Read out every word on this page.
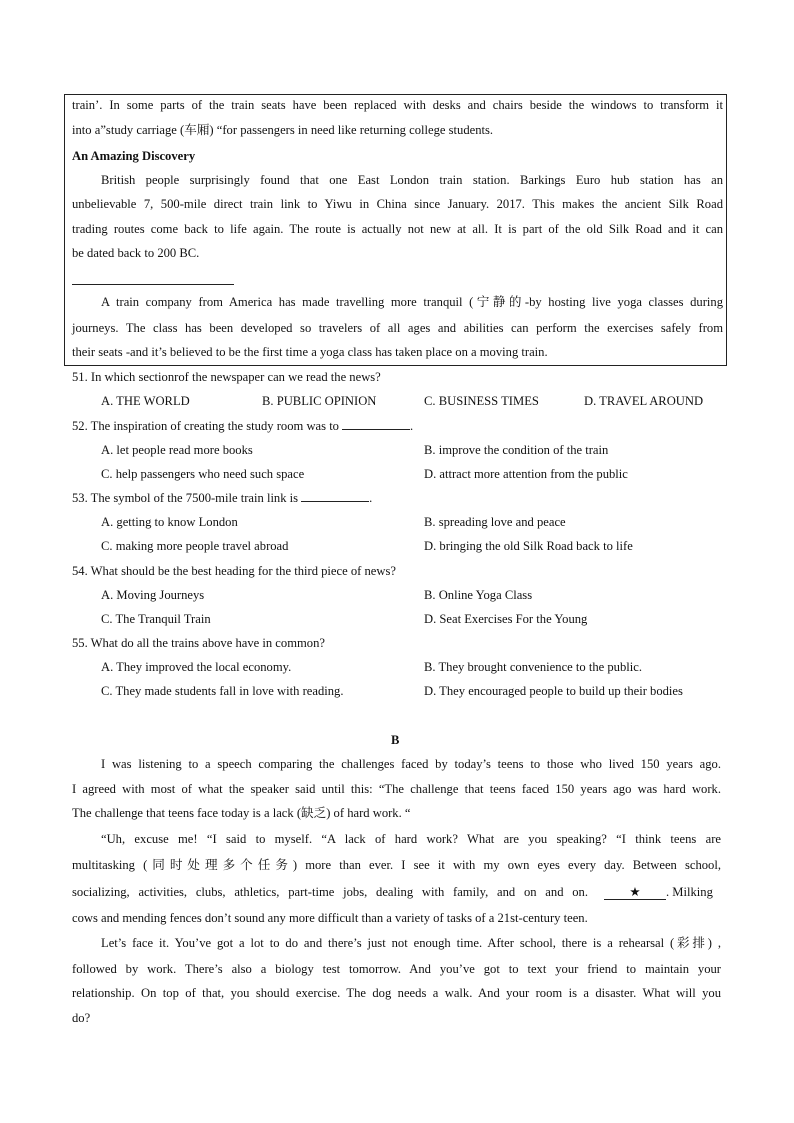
train’. In some parts of the train seats have been replaced with desks and chairs beside the windows to transform it
into a”study carriage (车厢) “for passengers in need like returning college students.
An Amazing Discovery
British people surprisingly found that one East London train station. Barkings Euro hub station has an
unbelievable 7, 500-mile direct train link to Yiwu in China since January. 2017. This makes the ancient Silk Road
trading routes come back to life again. The route is actually not new at all. It is part of the old Silk Road and it can
be dated back to 200 BC.
A train company from America has made travelling more tranquil (宁静的-by hosting live yoga classes during
journeys. The class has been developed so travelers of all ages and abilities can perform the exercises safely from
their seats -and it’s believed to be the first time a yoga class has taken place on a moving train.
51. In which sectionrof the newspaper can we read the news?
A. THE WORLD	B. PUBLIC OPINION	C. BUSINESS TIMES	D. TRAVEL AROUND
52. The inspiration of creating the study room was to	.
A. let people read more books	B. improve the condition of the train
C. help passengers who need such space	D. attract more attention from the public
53. The symbol of the 7500-mile train link is	.
A. getting to know London	B. spreading love and peace
C. making more people travel abroad	D. bringing the old Silk Road back to life
54. What should be the best heading for the third piece of news?
A. Moving Journeys	B. Online Yoga Class
C. The Tranquil Train	D. Seat Exercises For the Young
55. What do all the trains above have in common?
A. They improved the local economy.	B. They brought convenience to the public.
C. They made students fall in love with reading.	D. They encouraged people to build up their bodies
B
I was listening to a speech comparing the challenges faced by today’s teens to those who lived 150 years ago.
I agreed with most of what the speaker said until this: “The challenge that teens faced 150 years ago was hard work.
The challenge that teens face today is a lack (缺乏) of hard work. “
“Uh, excuse me! “I said to myself. “A lack of hard work? What are you speaking? “I think teens are
multitasking (同时处理多个任务) more than ever. I see it with my own eyes every day. Between school,
socializing, activities, clubs, athletics, part-time jobs, dealing with family, and on and on.	★ . Milking
cows and mending fences don’t sound any more difficult than a variety of tasks of a 21st-century teen.
Let’s face it. You’ve got a lot to do and there’s just not enough time. After school, there is a rehearsal (彩排) ,
followed by work. There’s also a biology test tomorrow. And you’ve got to text your friend to maintain your
relationship. On top of that, you should exercise. The dog needs a walk. And your room is a disaster. What will you
do?
